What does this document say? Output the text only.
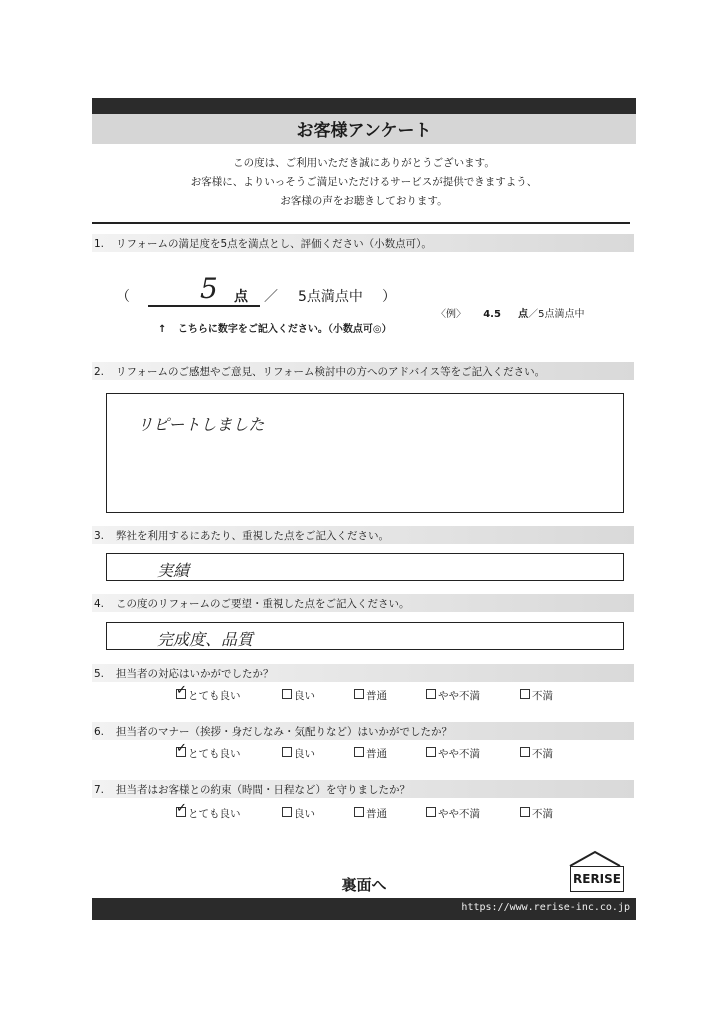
お客様アンケート
この度は、ご利用いただき誠にありがとうございます。
お客様に、よりいっそうご満足いただけるサービスが提供できますよう、
お客様の声をお聴きしております。
1. リフォームの満足度を5点を満点とし、評価ください（小数点可）。
（	5 点 ／ 5点満点中 ）
↑ こちらに数字をご記入ください。（小数点可◎）
〈例〉 4.5 点／5点満点中
2. リフォームのご感想やご意見、リフォーム検討中の方へのアドバイス等をご記入ください。
リピートしました
3. 弊社を利用するにあたり、重視した点をご記入ください。
実績
4. この度のリフォームのご要望・重視した点をご記入ください。
完成度、品質
5. 担当者の対応はいかがでしたか？
✓とても良い	良い	普通	やや不満	不満
6. 担当者のマナー（挨拶・身だしなみ・気配りなど）はいかがでしたか？
✓とても良い	良い	普通	やや不満	不満
7. 担当者はお客様との約束（時間・日程など）を守りましたか？
✓とても良い	良い	普通	やや不満	不満
裏面へ	RERISE
https://www.rerise-inc.co.jp
